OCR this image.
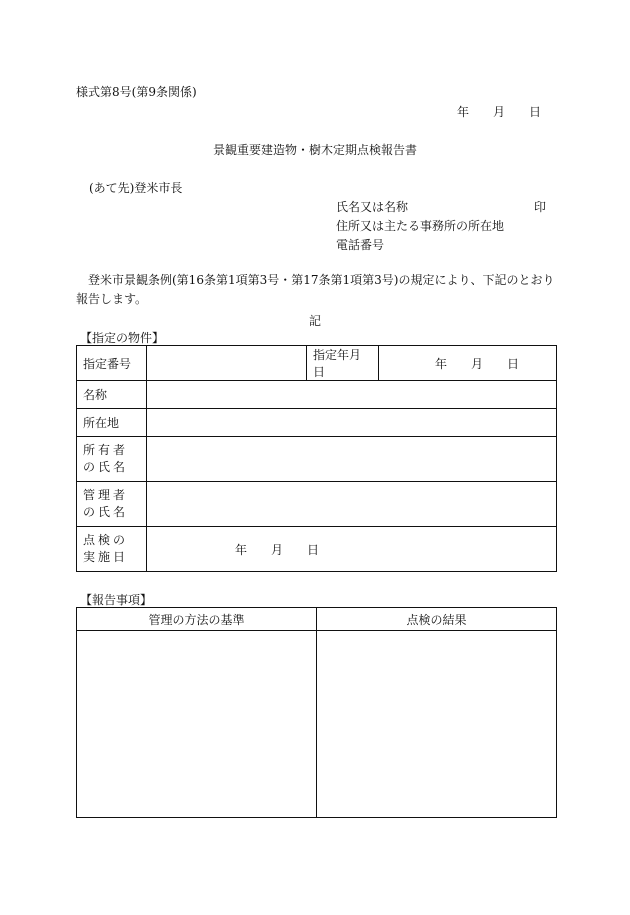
様式第8号(第9条関係)
年 月 日
景観重要建造物・樹木定期点検報告書
(あて先)登米市長
氏名又は名称	印
住所又は主たる事務所の所在地
電話番号
登米市景観条例(第16条第1項第3号・第17条第1項第3号)の規定により、下記のとおり報告します。
記
【指定の物件】
指定番号		指定年月日	年 月 日
名称			
所在地			
所有者の氏名			
管理者の氏名			
点検の実施日	年 月 日		
【報告事項】
管理の方法の基準	点検の結果
